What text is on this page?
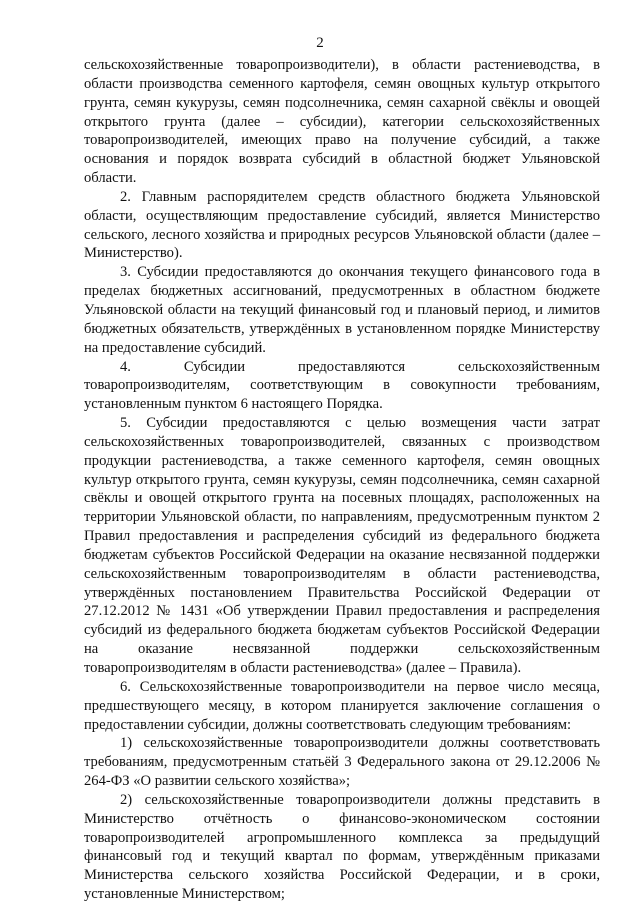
2

сельскохозяйственные товаропроизводители), в области растениеводства, в области производства семенного картофеля, семян овощных культур открытого грунта, семян кукурузы, семян подсолнечника, семян сахарной свёклы и овощей открытого грунта (далее – субсидии), категории сельскохозяйственных товаропроизводителей, имеющих право на получение субсидий, а также основания и порядок возврата субсидий в областной бюджет Ульяновской области.

2. Главным распорядителем средств областного бюджета Ульяновской области, осуществляющим предоставление субсидий, является Министерство сельского, лесного хозяйства и природных ресурсов Ульяновской области (далее – Министерство).

3. Субсидии предоставляются до окончания текущего финансового года в пределах бюджетных ассигнований, предусмотренных в областном бюджете Ульяновской области на текущий финансовый год и плановый период, и лимитов бюджетных обязательств, утверждённых в установленном порядке Министерству на предоставление субсидий.

4. Субсидии предоставляются сельскохозяйственным товаропроизводителям, соответствующим в совокупности требованиям, установленным пунктом 6 настоящего Порядка.

5. Субсидии предоставляются с целью возмещения части затрат сельскохозяйственных товаропроизводителей, связанных с производством продукции растениеводства, а также семенного картофеля, семян овощных культур открытого грунта, семян кукурузы, семян подсолнечника, семян сахарной свёклы и овощей открытого грунта на посевных площадях, расположенных на территории Ульяновской области, по направлениям, предусмотренным пунктом 2 Правил предоставления и распределения субсидий из федерального бюджета бюджетам субъектов Российской Федерации на оказание несвязанной поддержки сельскохозяйственным товаропроизводителям в области растениеводства, утверждённых постановлением Правительства Российской Федерации от 27.12.2012 № 1431 «Об утверждении Правил предоставления и распределения субсидий из федерального бюджета бюджетам субъектов Российской Федерации на оказание несвязанной поддержки сельскохозяйственным товаропроизводителям в области растениеводства» (далее – Правила).

6. Сельскохозяйственные товаропроизводители на первое число месяца, предшествующего месяцу, в котором планируется заключение соглашения о предоставлении субсидии, должны соответствовать следующим требованиям:

1) сельскохозяйственные товаропроизводители должны соответствовать требованиям, предусмотренным статьёй 3 Федерального закона от 29.12.2006 № 264-ФЗ «О развитии сельского хозяйства»;

2) сельскохозяйственные товаропроизводители должны представить в Министерство отчётность о финансово-экономическом состоянии товаропроизводителей агропромышленного комплекса за предыдущий финансовый год и текущий квартал по формам, утверждённым приказами Министерства сельского хозяйства Российской Федерации, и в сроки, установленные Министерством;
